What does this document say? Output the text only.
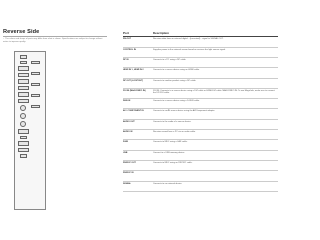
Reverse Side
–The colour and shape of parts may differ from what is shown. Specifications are subject to change without notice to improve quality.
Port	Description
RS-OUT	Receives data from an external digital ...[truncated]... signal to SIGNAL OUT.
CONTROL IN	Supplies power to the external sensor board or receives the light sensor signal.
DP IN	Connects to a PC using a DP cable.
HDMI IN 1, HDMI IN 2	Connects to a source device using an HDMI cable.
DP OUT (LOOPOUT)	Connects to another product using a DP cable.
DVI IN (MAGICINFO IN)	DVI IN: Connects to a source device using a DVI cable or HDMI-DVI cable. MAGICINFO IN: To use MagicInfo, make sure to connect the DP-DVI cable.
RGB IN	Connects to a source device using a D-SUB cable.
AV / COMPONENT IN	Connects to an AV source device using the AV/Component adapter.
AUDIO OUT	Connects to the audio of a source device.
AUDIO IN	Receives sound from a PC via an audio cable.
RJ45	Connects to MDC using a LAN cable.
USB	Connect to a USB memory device.
RS232C OUT	Connects to MDC using an RS232C cable.
RS232C IN	
SIGNAL	Connects to an external device.
